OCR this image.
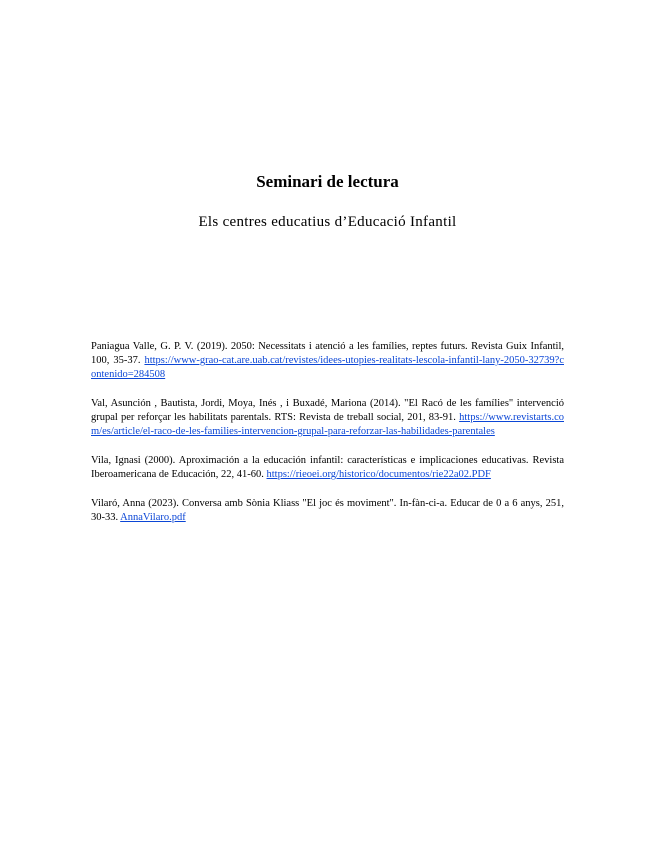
Seminari de lectura
Els centres educatius d’Educació Infantil

Paniagua Valle, G. P. V. (2019). 2050: Necessitats i atenció a les famílies, reptes futurs. Revista Guix Infantil, 100, 35-37. https://www-grao-cat.are.uab.cat/revistes/idees-utopies-realitats-lescola-infantil-lany-2050-32739?contenido=284508

Val, Asunción , Bautista, Jordi, Moya, Inés , i Buxadé, Mariona (2014). "El Racó de les famílies" intervenció grupal per reforçar les habilitats parentals. RTS: Revista de treball social, 201, 83-91. https://www.revistarts.com/es/article/el-raco-de-les-families-intervencion-grupal-para-reforzar-las-habilidades-parentales

Vila, Ignasi (2000). Aproximación a la educación infantil: características e implicaciones educativas. Revista Iberoamericana de Educación, 22, 41-60. https://rieoei.org/historico/documentos/rie22a02.PDF

Vilaró, Anna (2023). Conversa amb Sònia Kliass "El joc és moviment". In-fàn-ci-a. Educar de 0 a 6 anys, 251, 30-33. AnnaVilaro.pdf
